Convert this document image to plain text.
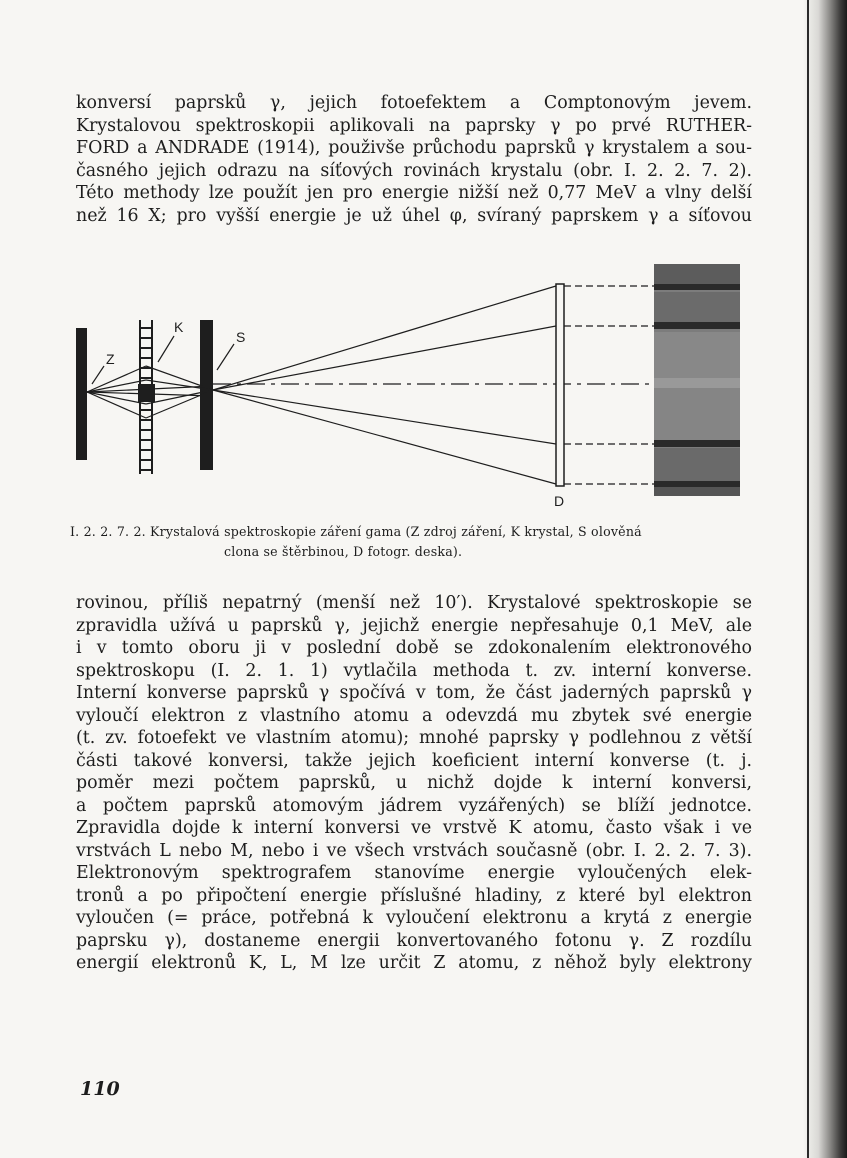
konversí paprsků γ, jejich fotoefektem a Comptonovým jevem.
Krystalovou spektroskopii aplikovali na paprsky γ po prvé RUTHER-
FORD a ANDRADE (1914), použivše průchodu paprsků γ krystalem a sou-
časného jejich odrazu na síťových rovinách krystalu (obr. I. 2. 2. 7. 2).
Této methody lze použít jen pro energie nižší než 0,77 MeV a vlny delší
než 16 X; pro vyšší energie je už úhel φ, svíraný paprskem γ a síťovou
Z
K
S
D
I. 2. 2. 7. 2. Krystalová spektroskopie záření gama (Z zdroj záření, K krystal, S olověná
clona se štěrbinou, D fotogr. deska).
rovinou, příliš nepatrný (menší než 10′). Krystalové spektroskopie se
zpravidla užívá u paprsků γ, jejichž energie nepřesahuje 0,1 MeV, ale
i v tomto oboru ji v poslední době se zdokonalením elektronového
spektroskopu (I. 2. 1. 1) vytlačila methoda t. zv. interní konverse.
Interní konverse paprsků γ spočívá v tom, že část jaderných paprsků γ
vyloučí elektron z vlastního atomu a odevzdá mu zbytek své energie
(t. zv. fotoefekt ve vlastním atomu); mnohé paprsky γ podlehnou z větší
části takové konversi, takže jejich koeficient interní konverse (t. j.
poměr mezi počtem paprsků, u nichž dojde k interní konversi,
a počtem paprsků atomovým jádrem vyzářených) se blíží jednotce.
Zpravidla dojde k interní konversi ve vrstvě K atomu, často však i ve
vrstvách L nebo M, nebo i ve všech vrstvách současně (obr. I. 2. 2. 7. 3).
Elektronovým spektrografem stanovíme energie vyloučených elek-
tronů a po připočtení energie příslušné hladiny, z které byl elektron
vyloučen (= práce, potřebná k vyloučení elektronu a krytá z energie
paprsku γ), dostaneme energii konvertovaného fotonu γ. Z rozdílu
energií elektronů K, L, M lze určit Z atomu, z něhož byly elektrony
110
